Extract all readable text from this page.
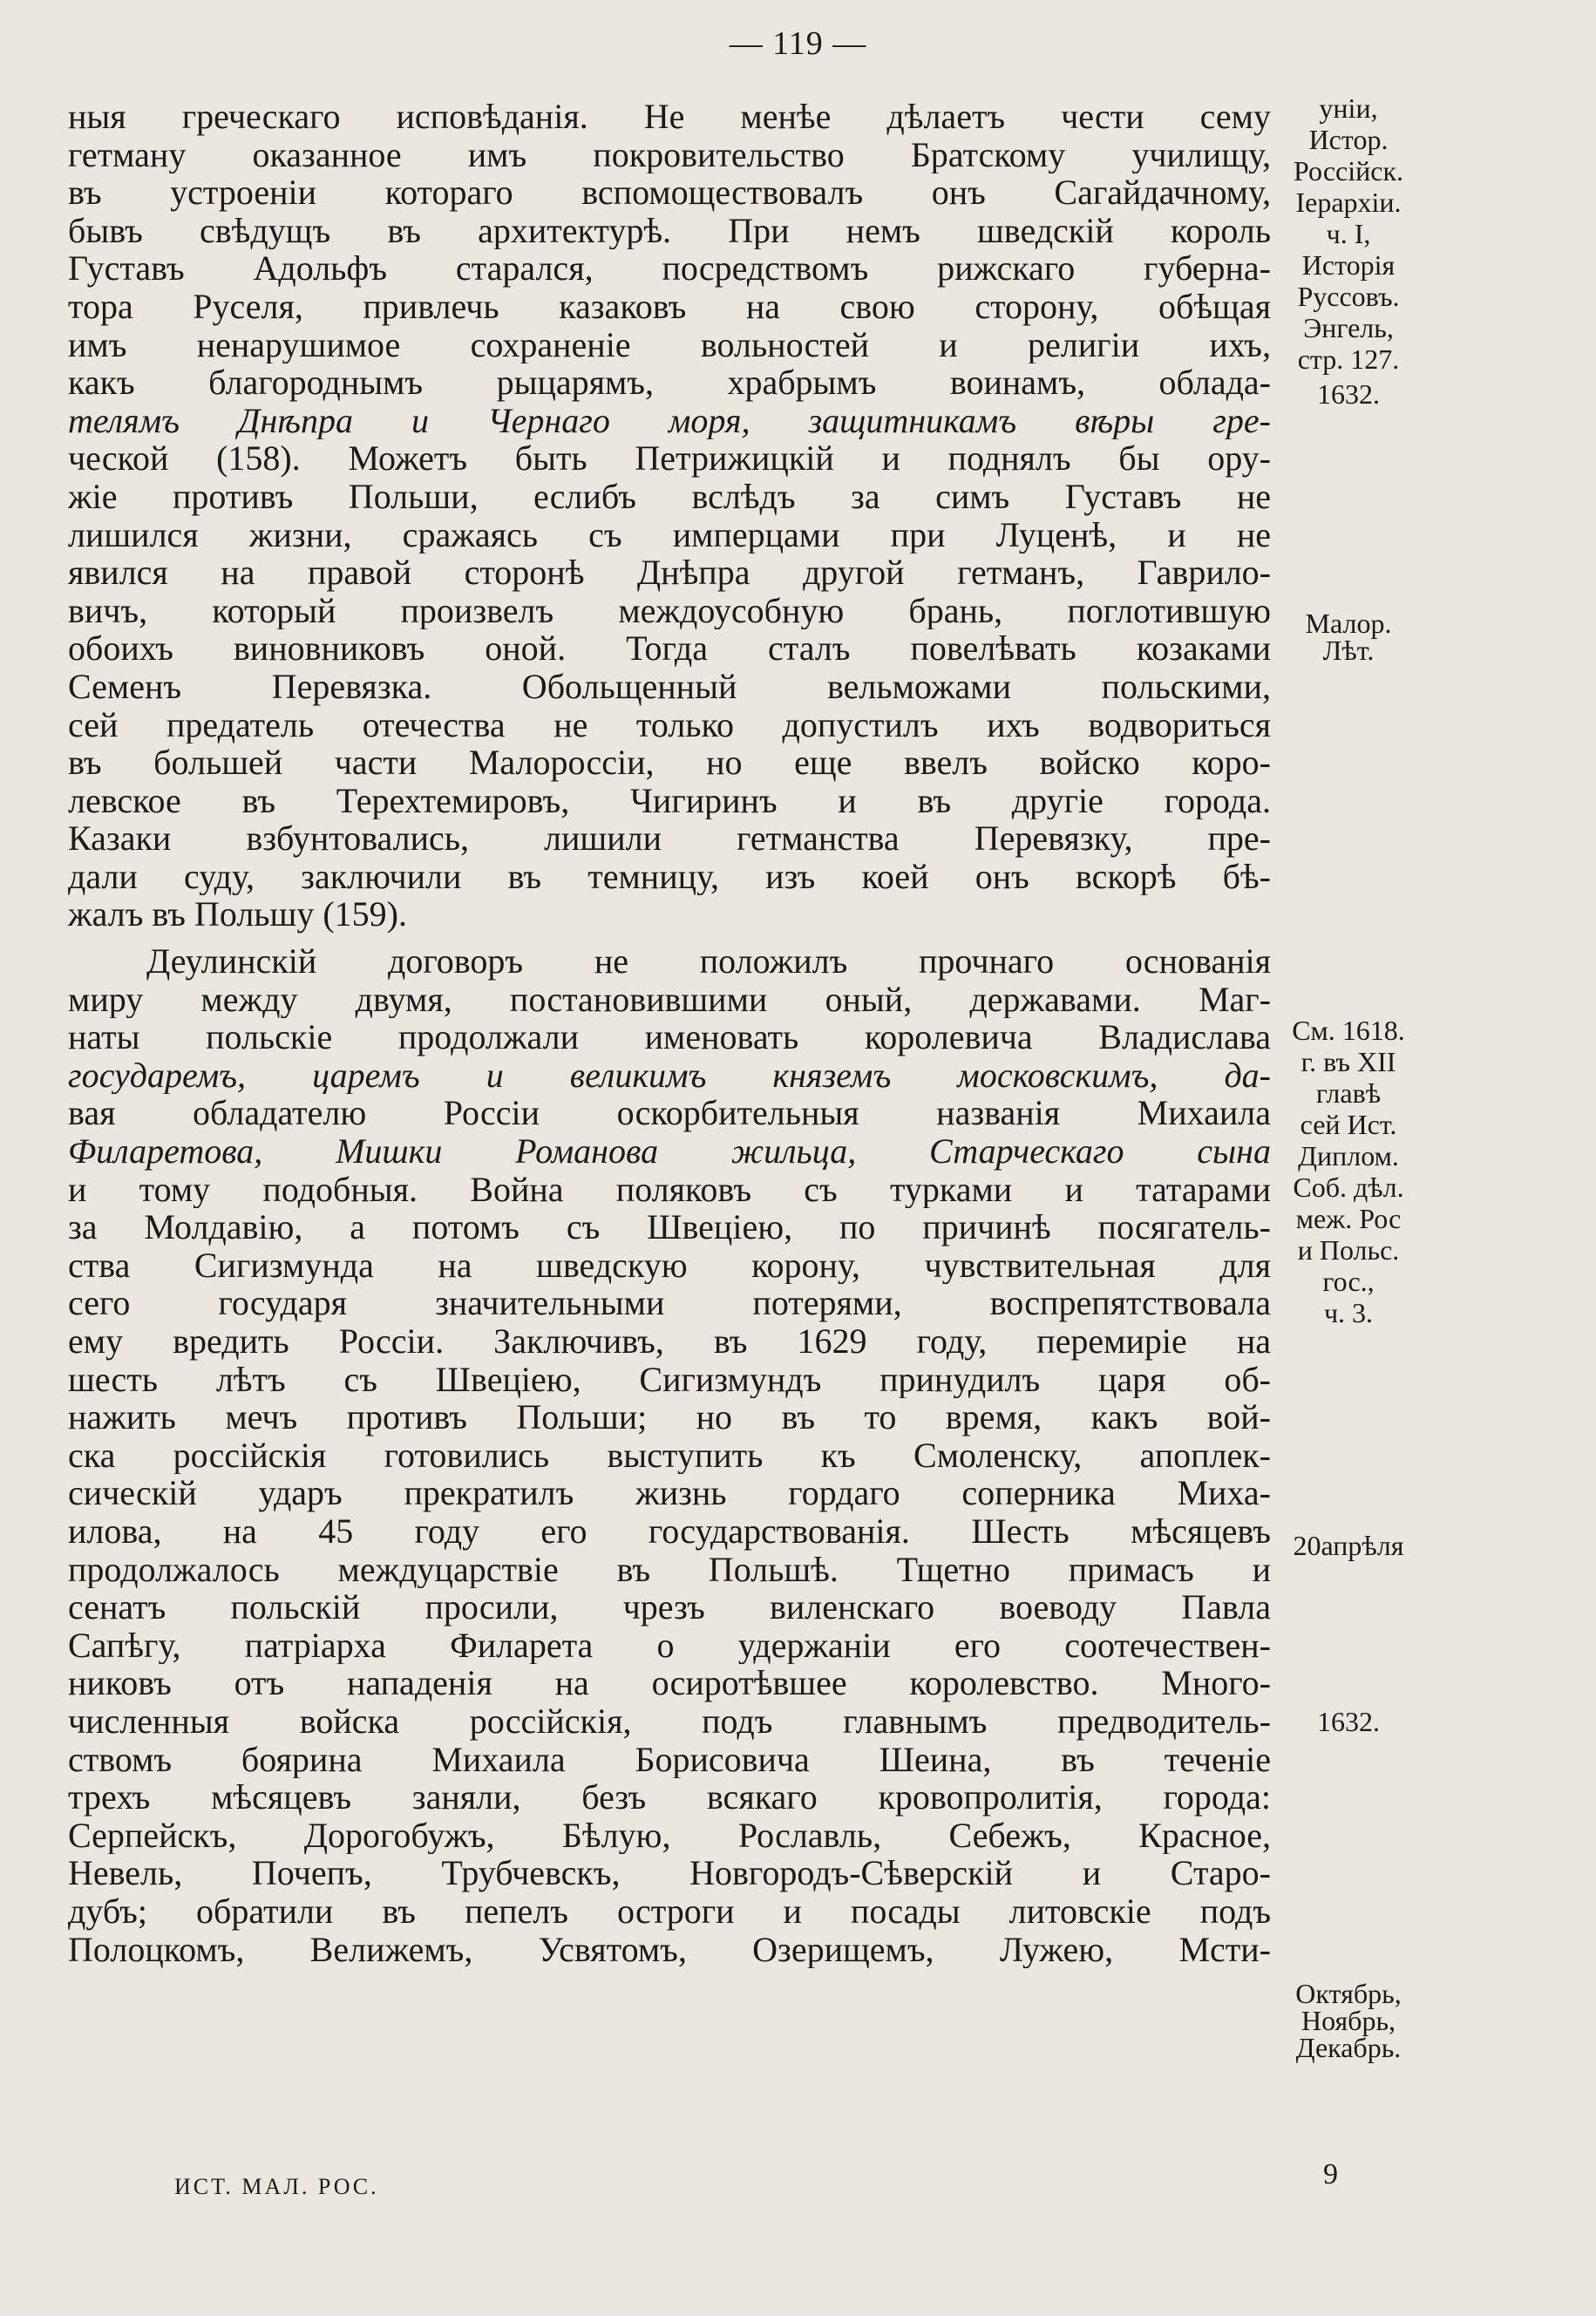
— 119 —
ныя греческаго исповѣданія. Не менѣе дѣлаетъ чести сему
гетману оказанное имъ покровительство Братскому училищу,
въ устроеніи котораго вспомоществовалъ онъ Сагайдачному,
бывъ свѣдущъ въ архитектурѣ. При немъ шведскій король
Густавъ Адольфъ старался, посредствомъ рижскаго губерна-
тора Руселя, привлечь казаковъ на свою сторону, обѣщая
имъ ненарушимое сохраненіе вольностей и религіи ихъ,
какъ благороднымъ рыцарямъ, храбрымъ воинамъ, облада-
телямъ Днѣпра и Чернаго моря, защитникамъ вѣры гре-
ческой (158). Можетъ быть Петрижицкій и поднялъ бы ору-
жіе противъ Польши, еслибъ вслѣдъ за симъ Густавъ не
лишился жизни, сражаясь съ имперцами при Луценѣ, и не
явился на правой сторонѣ Днѣпра другой гетманъ, Гаврило-
вичъ, который произвелъ междоусобную брань, поглотившую
обоихъ виновниковъ оной. Тогда сталъ повелѣвать козаками
Семенъ Перевязка. Обольщенный вельможами польскими,
сей предатель отечества не только допустилъ ихъ водвориться
въ большей части Малороссіи, но еще ввелъ войско коро-
левское въ Терехтемировъ, Чигиринъ и въ другіе города.
Казаки взбунтовались, лишили гетманства Перевязку, пре-
дали суду, заключили въ темницу, изъ коей онъ вскорѣ бѣ-
жалъ въ Польшу (159).
Деулинскій договоръ не положилъ прочнаго основанія
миру между двумя, постановившими оный, державами. Маг-
наты польскіе продолжали именовать королевича Владислава
государемъ, царемъ и великимъ княземъ московскимъ, да-
вая обладателю Россіи оскорбительныя названія Михаила
Филаретова, Мишки Романова жильца, Старческаго сына
и тому подобныя. Война поляковъ съ турками и татарами
за Молдавію, а потомъ съ Швеціею, по причинѣ посягатель-
ства Сигизмунда на шведскую корону, чувствительная для
сего государя значительными потерями, воспрепятствовала
ему вредить Россіи. Заключивъ, въ 1629 году, перемиріе на
шесть лѣтъ съ Швеціею, Сигизмундъ принудилъ царя об-
нажить мечъ противъ Польши; но въ то время, какъ вой-
ска россійскія готовились выступить къ Смоленску, апоплек-
сическій ударъ прекратилъ жизнь гордаго соперника Миха-
илова, на 45 году его государствованія. Шесть мѣсяцевъ
продолжалось междуцарствіе въ Польшѣ. Тщетно примасъ и
сенатъ польскій просили, чрезъ виленскаго воеводу Павла
Сапѣгу, патріарха Филарета о удержаніи его соотечествен-
никовъ отъ нападенія на осиротѣвшее королевство. Много-
численныя войска россійскія, подъ главнымъ предводитель-
ствомъ боярина Михаила Борисовича Шеина, въ теченіе
трехъ мѣсяцевъ заняли, безъ всякаго кровопролитія, города:
Серпейскъ, Дорогобужъ, Бѣлую, Рославль, Себежъ, Красное,
Невель, Почепъ, Трубчевскъ, Новгородъ-Сѣверскій и Старо-
дубъ; обратили въ пепелъ остроги и посады литовскіе подъ
Полоцкомъ, Велижемъ, Усвятомъ, Озерищемъ, Лужею, Мсти-
уніи,
Истор.
Россійск.
Іерархіи.
ч. I,
Исторія
Руссовъ.
Энгель,
стр. 127.
1632.
Малор.
Лѣт.
См. 1618.
г. въ XII
главѣ
сей Ист.
Диплом.
Соб. дѣл.
меж. Рос
и Польс.
гос.,
ч. 3.
20апрѣля
1632.
Октябрь,
Ноябрь,
Декабрь.
ИСТ. МАЛ. РОС.	9
